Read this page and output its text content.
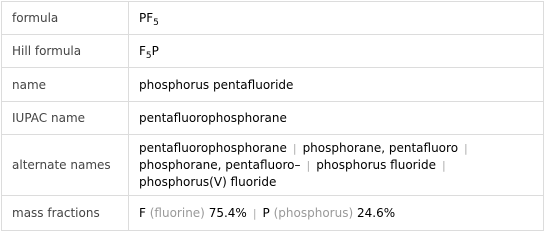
formula	$PF_5$
Hill formula	$F_5P$
name	phosphorus pentafluoride
IUPAC name	pentafluorophosphorane
alternate names	pentafluorophosphorane | phosphorane, pentafluoro |
phosphorane, pentafluoro– | phosphorus fluoride |
phosphorus(V) fluoride
mass fractions	F (fluorine) 75.4% | P (phosphorus) 24.6%
